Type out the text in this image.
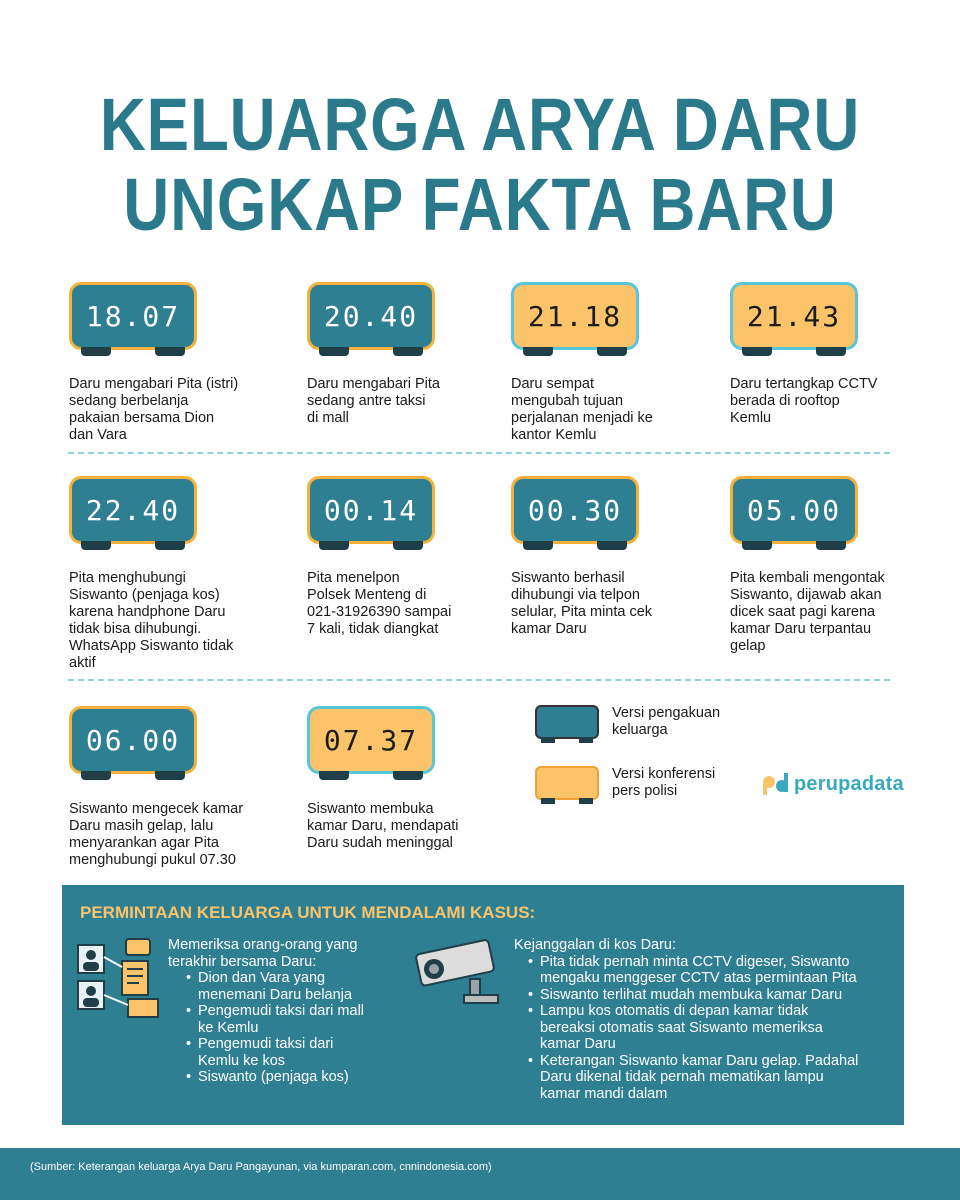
KELUARGA ARYA DARU
UNGKAP FAKTA BARU
18.07
Daru mengabari Pita (istri)
sedang berbelanja
pakaian bersama Dion
dan Vara
20.40
Daru mengabari Pita
sedang antre taksi
di mall
21.18
Daru sempat
mengubah tujuan
perjalanan menjadi ke
kantor Kemlu
21.43
Daru tertangkap CCTV
berada di rooftop
Kemlu
22.40
Pita menghubungi
Siswanto (penjaga kos)
karena handphone Daru
tidak bisa dihubungi.
WhatsApp Siswanto tidak
aktif
00.14
Pita menelpon
Polsek Menteng di
021-31926390 sampai
7 kali, tidak diangkat
00.30
Siswanto berhasil
dihubungi via telpon
selular, Pita minta cek
kamar Daru
05.00
Pita kembali mengontak
Siswanto, dijawab akan
dicek saat pagi karena
kamar Daru terpantau
gelap
06.00
Siswanto mengecek kamar
Daru masih gelap, lalu
menyarankan agar Pita
menghubungi pukul 07.30
07.37
Siswanto membuka
kamar Daru, mendapati
Daru sudah meninggal
Versi pengakuan
keluarga
Versi konferensi
pers polisi	perupadata
PERMINTAAN KELUARGA UNTUK MENDALAMI KASUS:
Memeriksa orang-orang yang
terakhir bersama Daru:
• Dion dan Vara yang
menemani Daru belanja
• Pengemudi taksi dari mall
ke Kemlu
• Pengemudi taksi dari
Kemlu ke kos
• Siswanto (penjaga kos)
Kejanggalan di kos Daru:
• Pita tidak pernah minta CCTV digeser, Siswanto
mengaku menggeser CCTV atas permintaan Pita
• Siswanto terlihat mudah membuka kamar Daru
• Lampu kos otomatis di depan kamar tidak
bereaksi otomatis saat Siswanto memeriksa
kamar Daru
• Keterangan Siswanto kamar Daru gelap. Padahal
Daru dikenal tidak pernah mematikan lampu
kamar mandi dalam
(Sumber: Keterangan keluarga Arya Daru Pangayunan, via kumparan.com, cnnindonesia.com)
